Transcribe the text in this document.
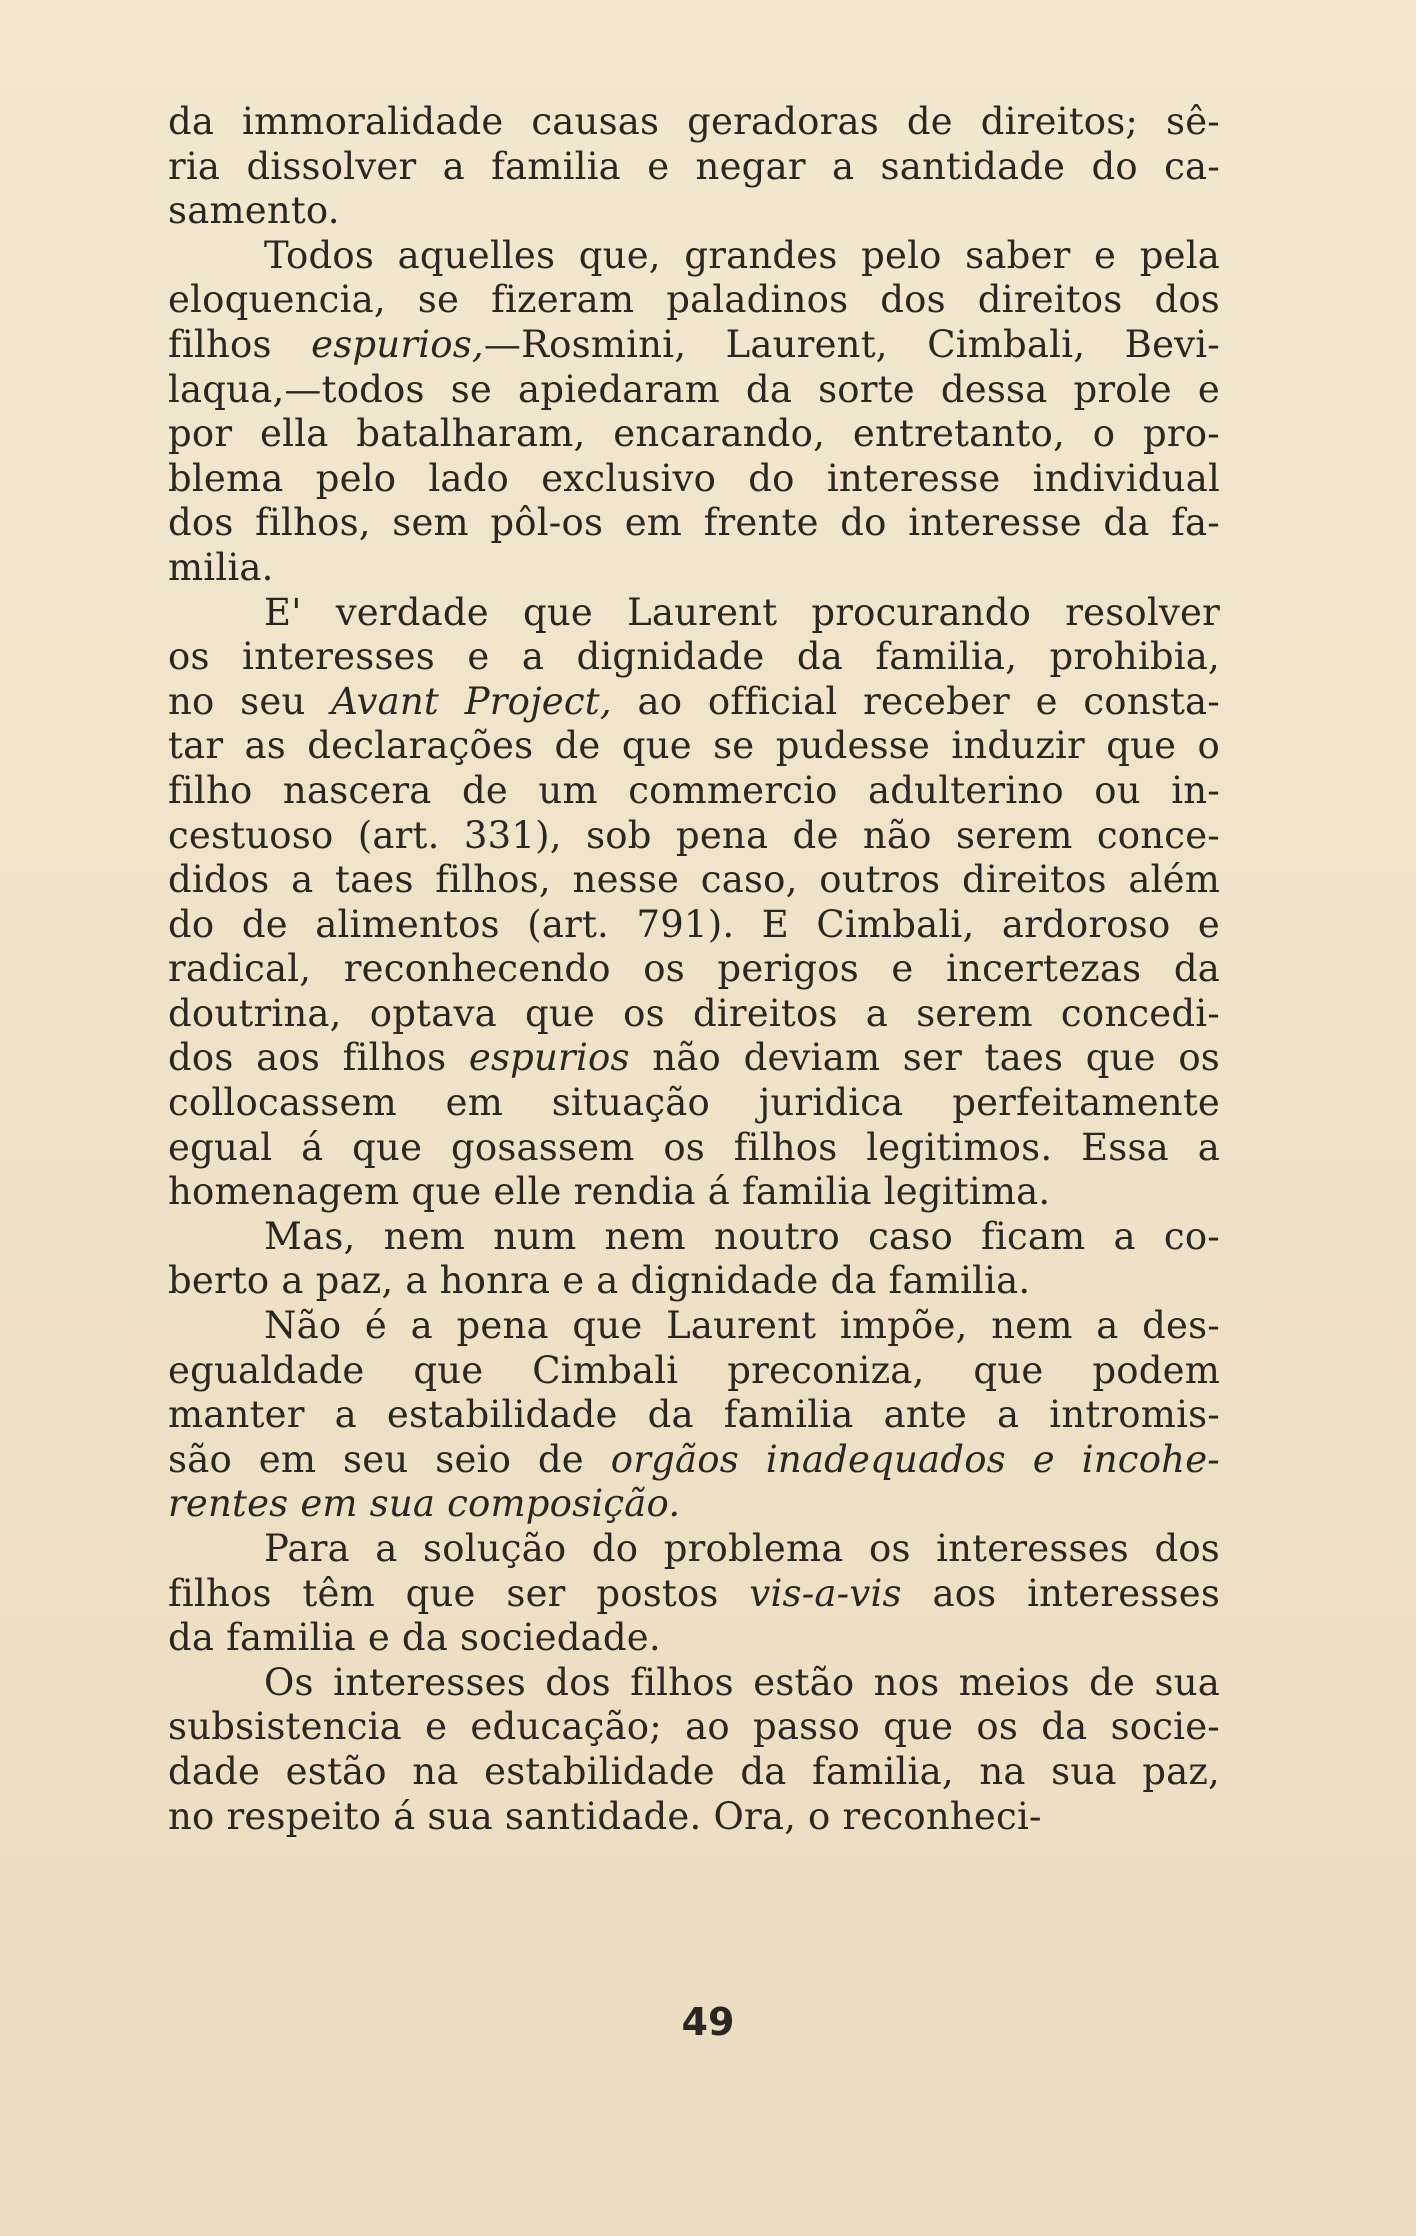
da immoralidade causas geradoras de direitos; sê-
ria dissolver a familia e negar a santidade do ca-
samento.
Todos aquelles que, grandes pelo saber e pela
eloquencia, se fizeram paladinos dos direitos dos
filhos espurios,—Rosmini, Laurent, Cimbali, Bevi-
laqua,—todos se apiedaram da sorte dessa prole e
por ella batalharam, encarando, entretanto, o pro-
blema pelo lado exclusivo do interesse individual
dos filhos, sem pôl-os em frente do interesse da fa-
milia.
E' verdade que Laurent procurando resolver
os interesses e a dignidade da familia, prohibia,
no seu Avant Project, ao official receber e consta-
tar as declarações de que se pudesse induzir que o
filho nascera de um commercio adulterino ou in-
cestuoso (art. 331), sob pena de não serem conce-
didos a taes filhos, nesse caso, outros direitos além
do de alimentos (art. 791). E Cimbali, ardoroso e
radical, reconhecendo os perigos e incertezas da
doutrina, optava que os direitos a serem concedi-
dos aos filhos espurios não deviam ser taes que os
collocassem em situação juridica perfeitamente
egual á que gosassem os filhos legitimos. Essa a
homenagem que elle rendia á familia legitima.
Mas, nem num nem noutro caso ficam a co-
berto a paz, a honra e a dignidade da familia.
Não é a pena que Laurent impõe, nem a des-
egualdade que Cimbali preconiza, que podem
manter a estabilidade da familia ante a intromis-
são em seu seio de orgãos inadequados e incohe-
rentes em sua composição.
Para a solução do problema os interesses dos
filhos têm que ser postos vis-a-vis aos interesses
da familia e da sociedade.
Os interesses dos filhos estão nos meios de sua
subsistencia e educação; ao passo que os da socie-
dade estão na estabilidade da familia, na sua paz,
no respeito á sua santidade. Ora, o reconheci-
49
